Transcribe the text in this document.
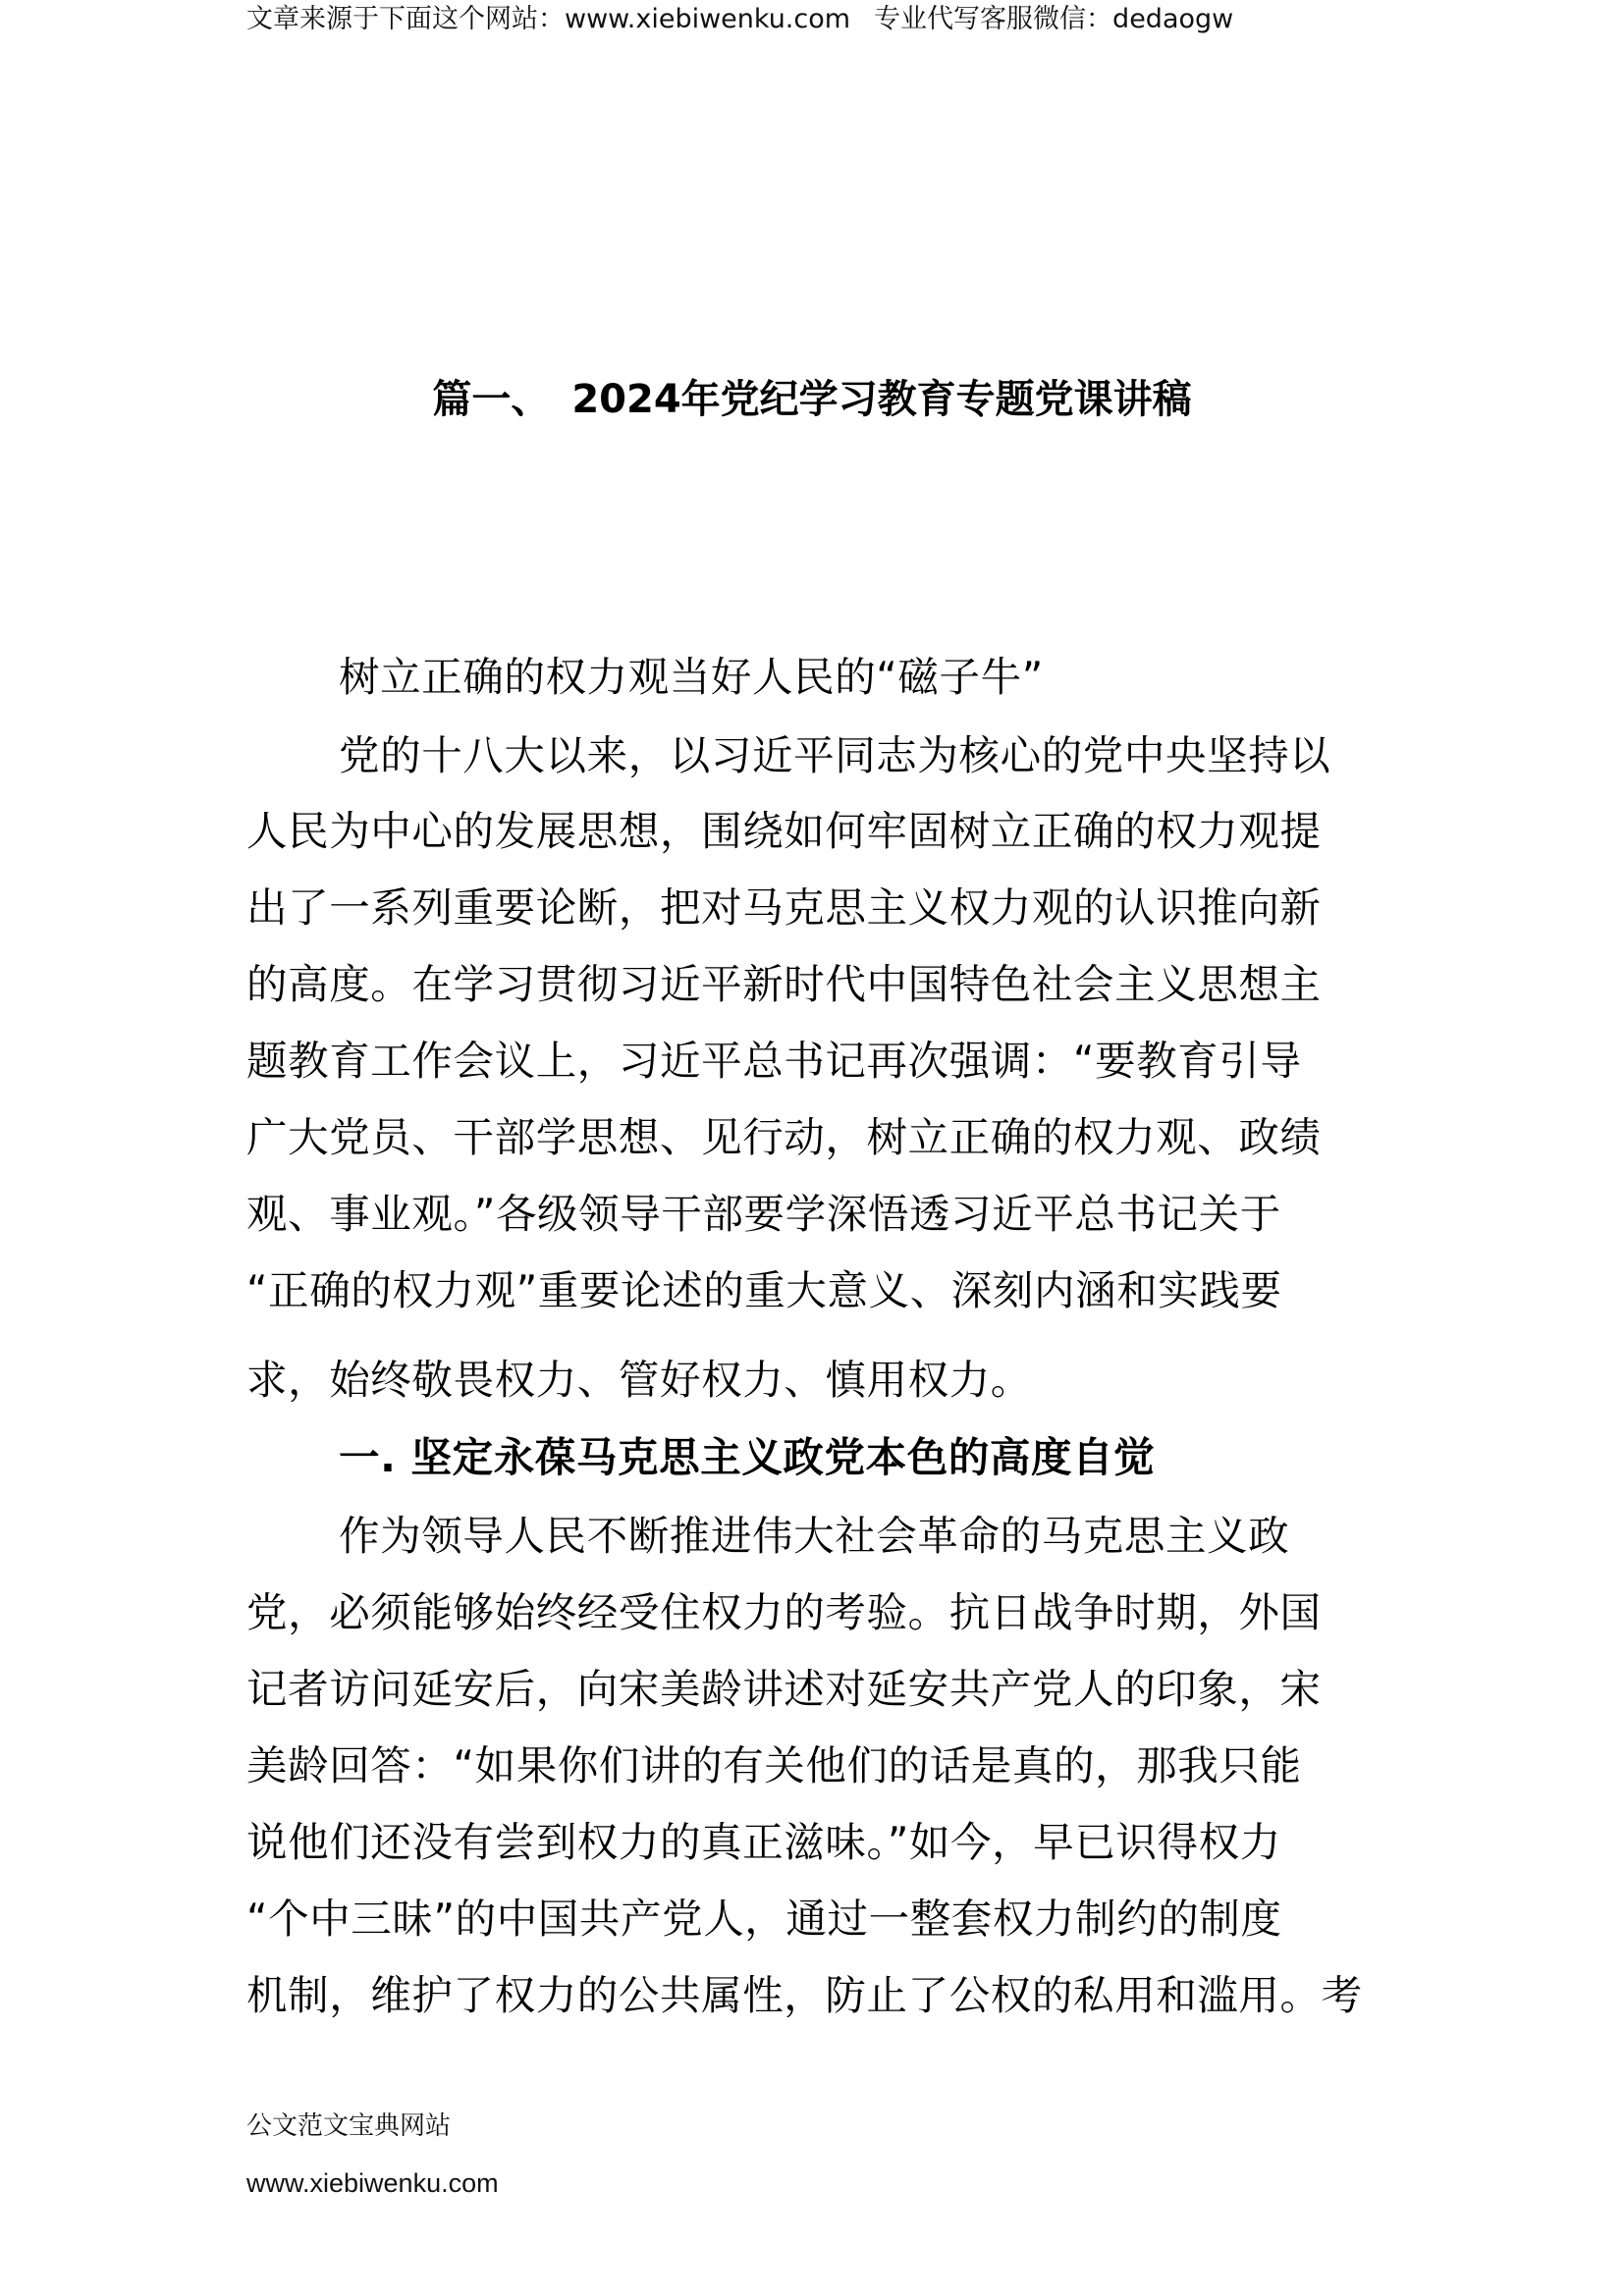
文章来源于下面这个网站：www.xiebiwenku.com 专业代写客服微信：dedaogw
篇一、 2024年党纪学习教育专题党课讲稿
树立正确的权力观当好人民的“磁子牛”
党的十八大以来，以习近平同志为核心的党中央坚持以
人民为中心的发展思想，围绕如何牢固树立正确的权力观提
出了一系列重要论断，把对马克思主义权力观的认识推向新
的高度。在学习贯彻习近平新时代中国特色社会主义思想主
题教育工作会议上，习近平总书记再次强调：“要教育引导
广大党员、干部学思想、见行动，树立正确的权力观、政绩
观、事业观。”各级领导干部要学深悟透习近平总书记关于
“正确的权力观”重要论述的重大意义、深刻内涵和实践要
求，始终敬畏权力、管好权力、慎用权力。
一. 坚定永葆马克思主义政党本色的高度自觉
作为领导人民不断推进伟大社会革命的马克思主义政
党，必须能够始终经受住权力的考验。抗日战争时期，外国
记者访问延安后，向宋美龄讲述对延安共产党人的印象，宋
美龄回答：“如果你们讲的有关他们的话是真的，那我只能
说他们还没有尝到权力的真正滋味。”如今，早已识得权力
“个中三昧”的中国共产党人，通过一整套权力制约的制度
机制，维护了权力的公共属性，防止了公权的私用和滥用。考
公文范文宝典网站
www.xiebiwenku.com
